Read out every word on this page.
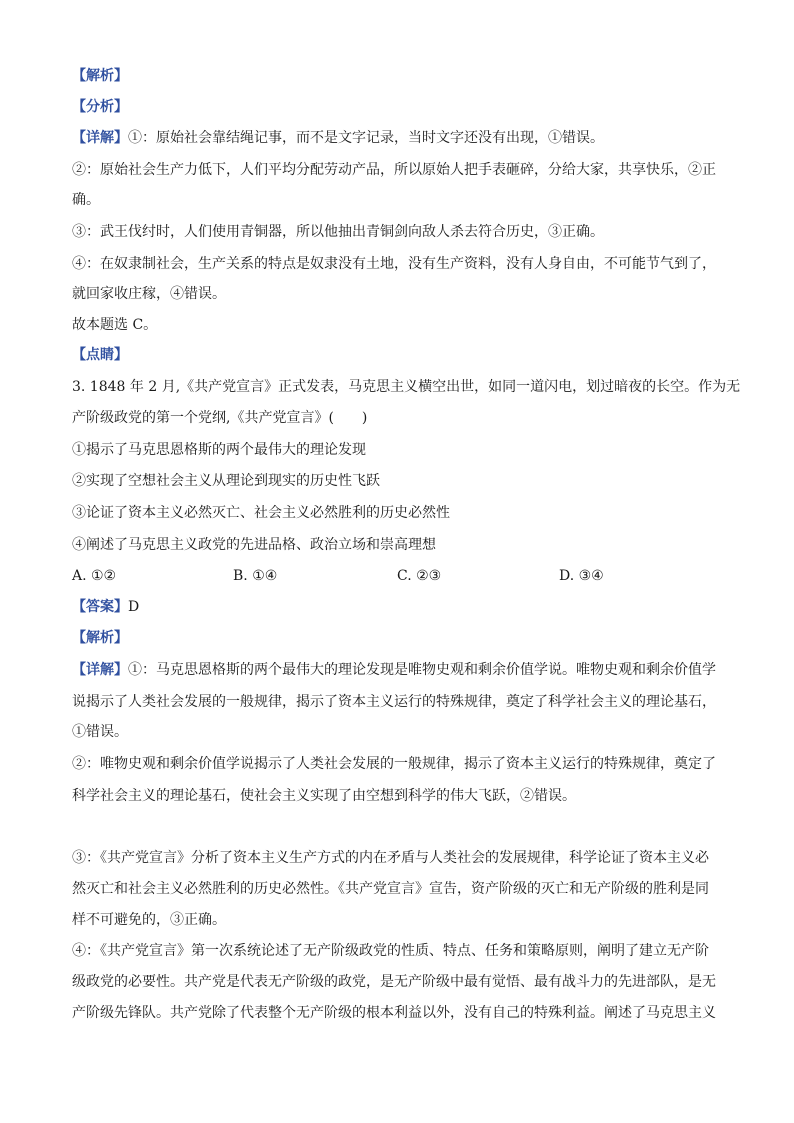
【解析】
【分析】
【详解】①：原始社会靠结绳记事，而不是文字记录，当时文字还没有出现，①错误。
②：原始社会生产力低下，人们平均分配劳动产品，所以原始人把手表砸碎，分给大家，共享快乐，②正
确。
③：武王伐纣时，人们使用青铜器，所以他抽出青铜剑向敌人杀去符合历史，③正确。
④：在奴隶制社会，生产关系的特点是奴隶没有土地，没有生产资料，没有人身自由，不可能节气到了，
就回家收庄稼，④错误。
故本题选 C。
【点睛】
3. 1848 年 2 月,《共产党宣言》正式发表，马克思主义横空出世，如同一道闪电，划过暗夜的长空。作为无
产阶级政党的第一个党纲,《共产党宣言》(　　)
①揭示了马克思恩格斯的两个最伟大的理论发现
②实现了空想社会主义从理论到现实的历史性飞跃
③论证了资本主义必然灭亡、社会主义必然胜利的历史必然性
④阐述了马克思主义政党的先进品格、政治立场和崇高理想
A. ①②	B. ①④	C. ②③	D. ③④
【答案】D
【解析】
【详解】①：马克思恩格斯的两个最伟大的理论发现是唯物史观和剩余价值学说。唯物史观和剩余价值学
说揭示了人类社会发展的一般规律，揭示了资本主义运行的特殊规律，奠定了科学社会主义的理论基石，
①错误。
②：唯物史观和剩余价值学说揭示了人类社会发展的一般规律，揭示了资本主义运行的特殊规律，奠定了
科学社会主义的理论基石，使社会主义实现了由空想到科学的伟大飞跃，②错误。
③：《共产党宣言》分析了资本主义生产方式的内在矛盾与人类社会的发展规律，科学论证了资本主义必
然灭亡和社会主义必然胜利的历史必然性。《共产党宣言》宣告，资产阶级的灭亡和无产阶级的胜利是同
样不可避免的，③正确。
④：《共产党宣言》第一次系统论述了无产阶级政党的性质、特点、任务和策略原则，阐明了建立无产阶
级政党的必要性。共产党是代表无产阶级的政党，是无产阶级中最有觉悟、最有战斗力的先进部队，是无
产阶级先锋队。共产党除了代表整个无产阶级的根本利益以外，没有自己的特殊利益。阐述了马克思主义
